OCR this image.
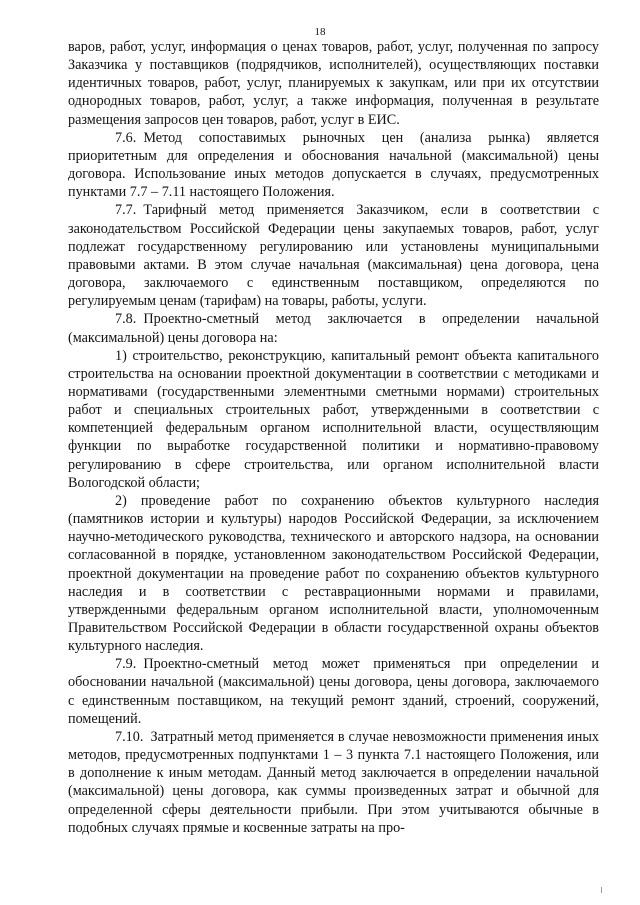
18

варов, работ, услуг, информация о ценах товаров, работ, услуг, полученная по запросу Заказчика у поставщиков (подрядчиков, исполнителей), осуществляющих поставки идентичных товаров, работ, услуг, планируемых к закупкам, или при их отсутствии однородных товаров, работ, услуг, а также информация, полученная в результате размещения запросов цен товаров, работ, услуг в ЕИС.

7.6. Метод сопоставимых рыночных цен (анализа рынка) является приоритетным для определения и обоснования начальной (максимальной) цены договора. Использование иных методов допускается в случаях, предусмотренных пунктами 7.7 – 7.11 настоящего Положения.

7.7. Тарифный метод применяется Заказчиком, если в соответствии с законодательством Российской Федерации цены закупаемых товаров, работ, услуг подлежат государственному регулированию или установлены муниципальными правовыми актами. В этом случае начальная (максимальная) цена договора, цена договора, заключаемого с единственным поставщиком, определяются по регулируемым ценам (тарифам) на товары, работы, услуги.

7.8. Проектно-сметный метод заключается в определении начальной (максимальной) цены договора на:

1) строительство, реконструкцию, капитальный ремонт объекта капитального строительства на основании проектной документации в соответствии с методиками и нормативами (государственными элементными сметными нормами) строительных работ и специальных строительных работ, утвержденными в соответствии с компетенцией федеральным органом исполнительной власти, осуществляющим функции по выработке государственной политики и нормативно-правовому регулированию в сфере строительства, или органом исполнительной власти Вологодской области;

2) проведение работ по сохранению объектов культурного наследия (памятников истории и культуры) народов Российской Федерации, за исключением научно-методического руководства, технического и авторского надзора, на основании согласованной в порядке, установленном законодательством Российской Федерации, проектной документации на проведение работ по сохранению объектов культурного наследия и в соответствии с реставрационными нормами и правилами, утвержденными федеральным органом исполнительной власти, уполномоченным Правительством Российской Федерации в области государственной охраны объектов культурного наследия.

7.9. Проектно-сметный метод может применяться при определении и обосновании начальной (максимальной) цены договора, цены договора, заключаемого с единственным поставщиком, на текущий ремонт зданий, строений, сооружений, помещений.

7.10. Затратный метод применяется в случае невозможности применения иных методов, предусмотренных подпунктами 1 – 3 пункта 7.1 настоящего Положения, или в дополнение к иным методам. Данный метод заключается в определении начальной (максимальной) цены договора, как суммы произведенных затрат и обычной для определенной сферы деятельности прибыли. При этом учитываются обычные в подобных случаях прямые и косвенные затраты на про-
